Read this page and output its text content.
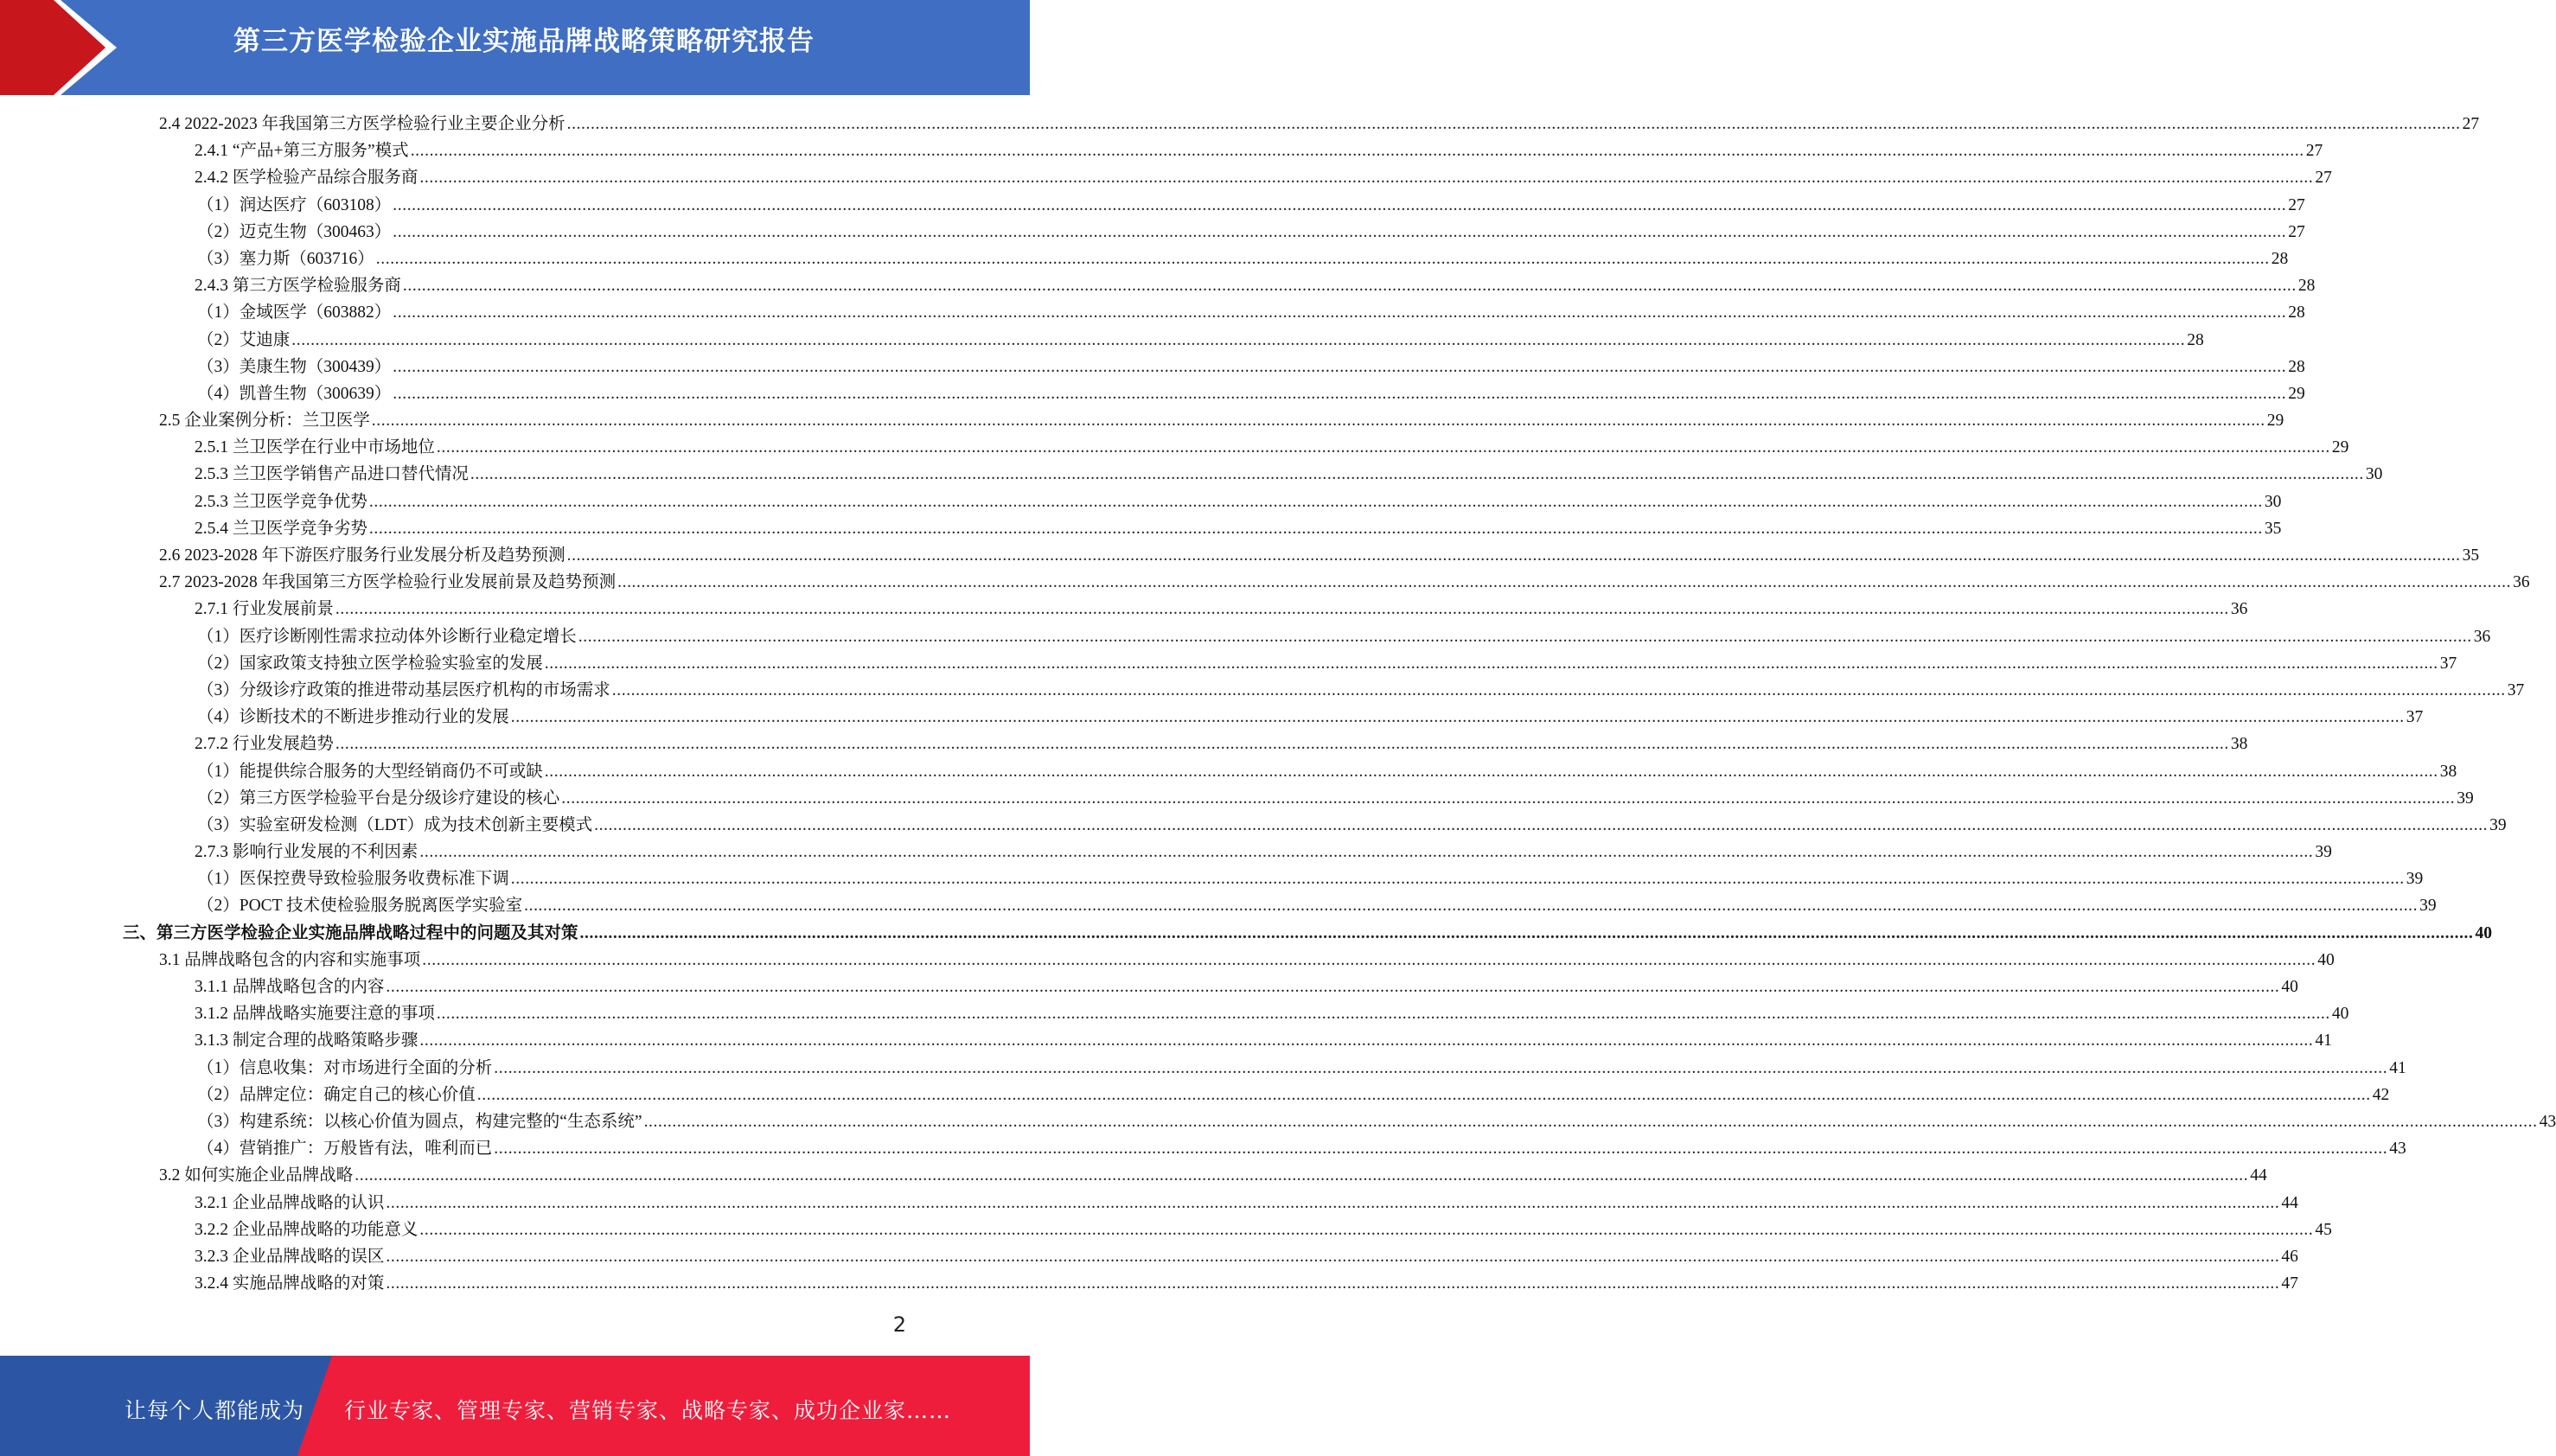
第三方医学检验企业实施品牌战略策略研究报告
2.4 2022-2023 年我国第三方医学检验行业主要企业分析 ................................................................................................................................................................................................................................................................................................................................................................................................................ 27
2.4.1 “产品+第三方服务”模式 ................................................................................................................................................................................................................................................................................................................................................................................................................ 27
2.4.2 医学检验产品综合服务商 ................................................................................................................................................................................................................................................................................................................................................................................................................ 27
（1）润达医疗（603108） ................................................................................................................................................................................................................................................................................................................................................................................................................ 27
（2）迈克生物（300463） ................................................................................................................................................................................................................................................................................................................................................................................................................ 27
（3）塞力斯（603716） ................................................................................................................................................................................................................................................................................................................................................................................................................ 28
2.4.3 第三方医学检验服务商 ................................................................................................................................................................................................................................................................................................................................................................................................................ 28
（1）金域医学（603882） ................................................................................................................................................................................................................................................................................................................................................................................................................ 28
（2）艾迪康 ................................................................................................................................................................................................................................................................................................................................................................................................................ 28
（3）美康生物（300439） ................................................................................................................................................................................................................................................................................................................................................................................................................ 28
（4）凯普生物（300639） ................................................................................................................................................................................................................................................................................................................................................................................................................ 29
2.5 企业案例分析：兰卫医学 ................................................................................................................................................................................................................................................................................................................................................................................................................ 29
2.5.1 兰卫医学在行业中市场地位 ................................................................................................................................................................................................................................................................................................................................................................................................................ 29
2.5.3 兰卫医学销售产品进口替代情况 ................................................................................................................................................................................................................................................................................................................................................................................................................ 30
2.5.3 兰卫医学竞争优势 ................................................................................................................................................................................................................................................................................................................................................................................................................ 30
2.5.4 兰卫医学竞争劣势 ................................................................................................................................................................................................................................................................................................................................................................................................................ 35
2.6 2023-2028 年下游医疗服务行业发展分析及趋势预测 ................................................................................................................................................................................................................................................................................................................................................................................................................ 35
2.7 2023-2028 年我国第三方医学检验行业发展前景及趋势预测 ................................................................................................................................................................................................................................................................................................................................................................................................................ 36
2.7.1 行业发展前景 ................................................................................................................................................................................................................................................................................................................................................................................................................ 36
（1）医疗诊断刚性需求拉动体外诊断行业稳定增长 ................................................................................................................................................................................................................................................................................................................................................................................................................ 36
（2）国家政策支持独立医学检验实验室的发展 ................................................................................................................................................................................................................................................................................................................................................................................................................ 37
（3）分级诊疗政策的推进带动基层医疗机构的市场需求 ................................................................................................................................................................................................................................................................................................................................................................................................................ 37
（4）诊断技术的不断进步推动行业的发展 ................................................................................................................................................................................................................................................................................................................................................................................................................ 37
2.7.2 行业发展趋势 ................................................................................................................................................................................................................................................................................................................................................................................................................ 38
（1）能提供综合服务的大型经销商仍不可或缺 ................................................................................................................................................................................................................................................................................................................................................................................................................ 38
（2）第三方医学检验平台是分级诊疗建设的核心 ................................................................................................................................................................................................................................................................................................................................................................................................................ 39
（3）实验室研发检测（LDT）成为技术创新主要模式 ................................................................................................................................................................................................................................................................................................................................................................................................................ 39
2.7.3 影响行业发展的不利因素 ................................................................................................................................................................................................................................................................................................................................................................................................................ 39
（1）医保控费导致检验服务收费标准下调 ................................................................................................................................................................................................................................................................................................................................................................................................................ 39
（2）POCT 技术使检验服务脱离医学实验室 ................................................................................................................................................................................................................................................................................................................................................................................................................ 39
三、第三方医学检验企业实施品牌战略过程中的问题及其对策 ................................................................................................................................................................................................................................................................................................................................................................................................................ 40
3.1 品牌战略包含的内容和实施事项 ................................................................................................................................................................................................................................................................................................................................................................................................................ 40
3.1.1 品牌战略包含的内容 ................................................................................................................................................................................................................................................................................................................................................................................................................ 40
3.1.2 品牌战略实施要注意的事项 ................................................................................................................................................................................................................................................................................................................................................................................................................ 40
3.1.3 制定合理的战略策略步骤 ................................................................................................................................................................................................................................................................................................................................................................................................................ 41
（1）信息收集：对市场进行全面的分析 ................................................................................................................................................................................................................................................................................................................................................................................................................ 41
（2）品牌定位：确定自己的核心价值 ................................................................................................................................................................................................................................................................................................................................................................................................................ 42
（3）构建系统：以核心价值为圆点，构建完整的“生态系统” ................................................................................................................................................................................................................................................................................................................................................................................................................ 43
（4）营销推广：万般皆有法，唯利而已 ................................................................................................................................................................................................................................................................................................................................................................................................................ 43
3.2 如何实施企业品牌战略 ................................................................................................................................................................................................................................................................................................................................................................................................................ 44
3.2.1 企业品牌战略的认识 ................................................................................................................................................................................................................................................................................................................................................................................................................ 44
3.2.2 企业品牌战略的功能意义 ................................................................................................................................................................................................................................................................................................................................................................................................................ 45
3.2.3 企业品牌战略的误区 ................................................................................................................................................................................................................................................................................................................................................................................................................ 46
3.2.4 实施品牌战略的对策 ................................................................................................................................................................................................................................................................................................................................................................................................................ 47
2
让每个人都能成为 行业专家、管理专家、营销专家、战略专家、成功企业家……
